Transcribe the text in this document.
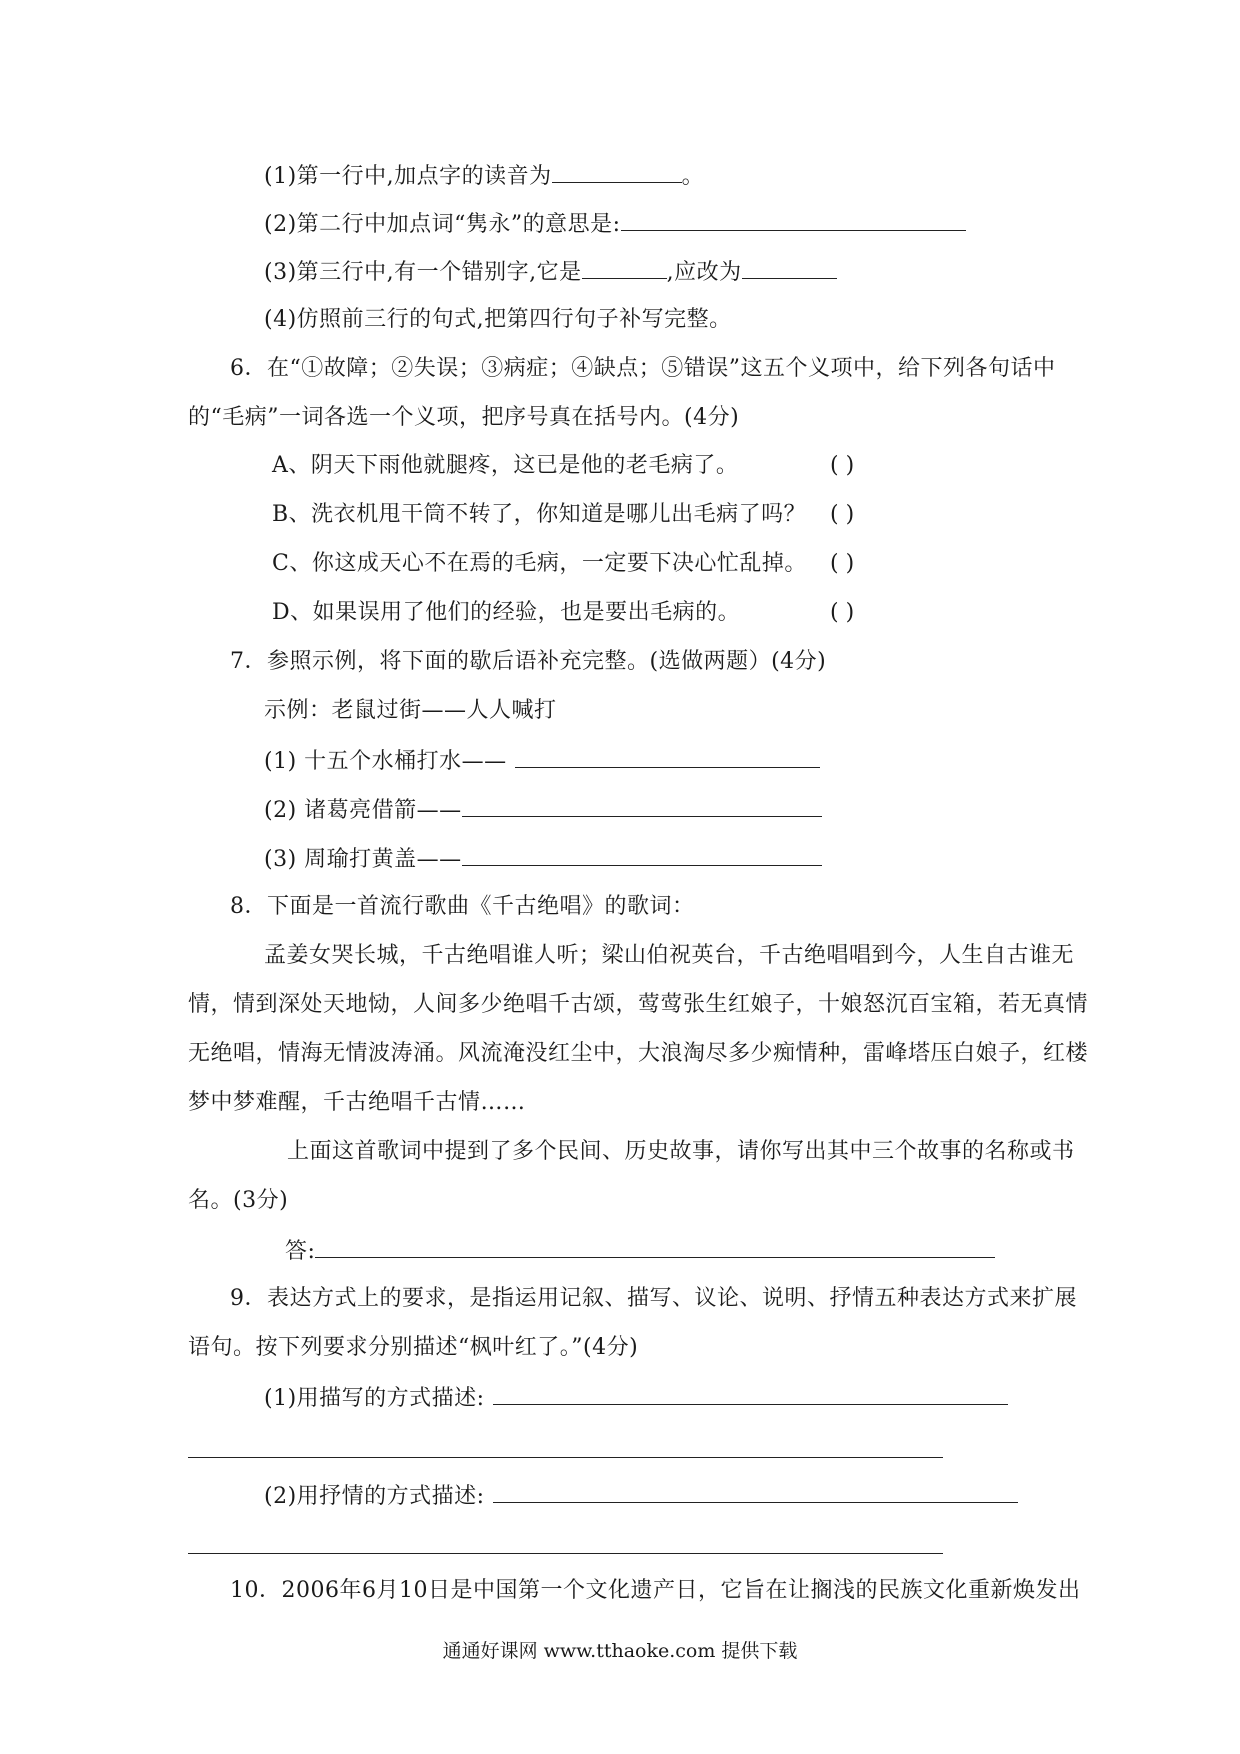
(1)第一行中,加点字的读音为	。
(2)第二行中加点词“隽永”的意思是:
(3)第三行中,有一个错别字,它是	,应改为
(4)仿照前三行的句式,把第四行句子补写完整。
6．在“①故障；②失误；③病症；④缺点；⑤错误”这五个义项中，给下列各句话中
的“毛病”一词各选一个义项，把序号真在括号内。(4分)
A、阴天下雨他就腿疼，这已是他的老毛病了。	( )
B、洗衣机甩干筒不转了，你知道是哪儿出毛病了吗？ ( )
C、你这成天心不在焉的毛病，一定要下决心忙乱掉。 ( )
D、如果误用了他们的经验，也是要出毛病的。	( )
7．参照示例，将下面的歇后语补充完整。(选做两题）(4分)
示例：老鼠过街——人人喊打
(1) 十五个水桶打水——
(2) 诸葛亮借箭——
(3) 周瑜打黄盖——
8．下面是一首流行歌曲《千古绝唱》的歌词：
孟姜女哭长城，千古绝唱谁人听；梁山伯祝英台，千古绝唱唱到今，人生自古谁无
情，情到深处天地恸，人间多少绝唱千古颂，莺莺张生红娘子，十娘怒沉百宝箱，若无真情
无绝唱，情海无情波涛涌。风流淹没红尘中，大浪淘尽多少痴情种，雷峰塔压白娘子，红楼
梦中梦难醒，千古绝唱千古情……
上面这首歌词中提到了多个民间、历史故事，请你写出其中三个故事的名称或书
名。(3分)
答:
9．表达方式上的要求，是指运用记叙、描写、议论、说明、抒情五种表达方式来扩展
语句。按下列要求分别描述“枫叶红了。”(4分)
(1)用描写的方式描述:
(2)用抒情的方式描述:
10．2006年6月10日是中国第一个文化遗产日，它旨在让搁浅的民族文化重新焕发出
通通好课网 www.tthaoke.com 提供下载
